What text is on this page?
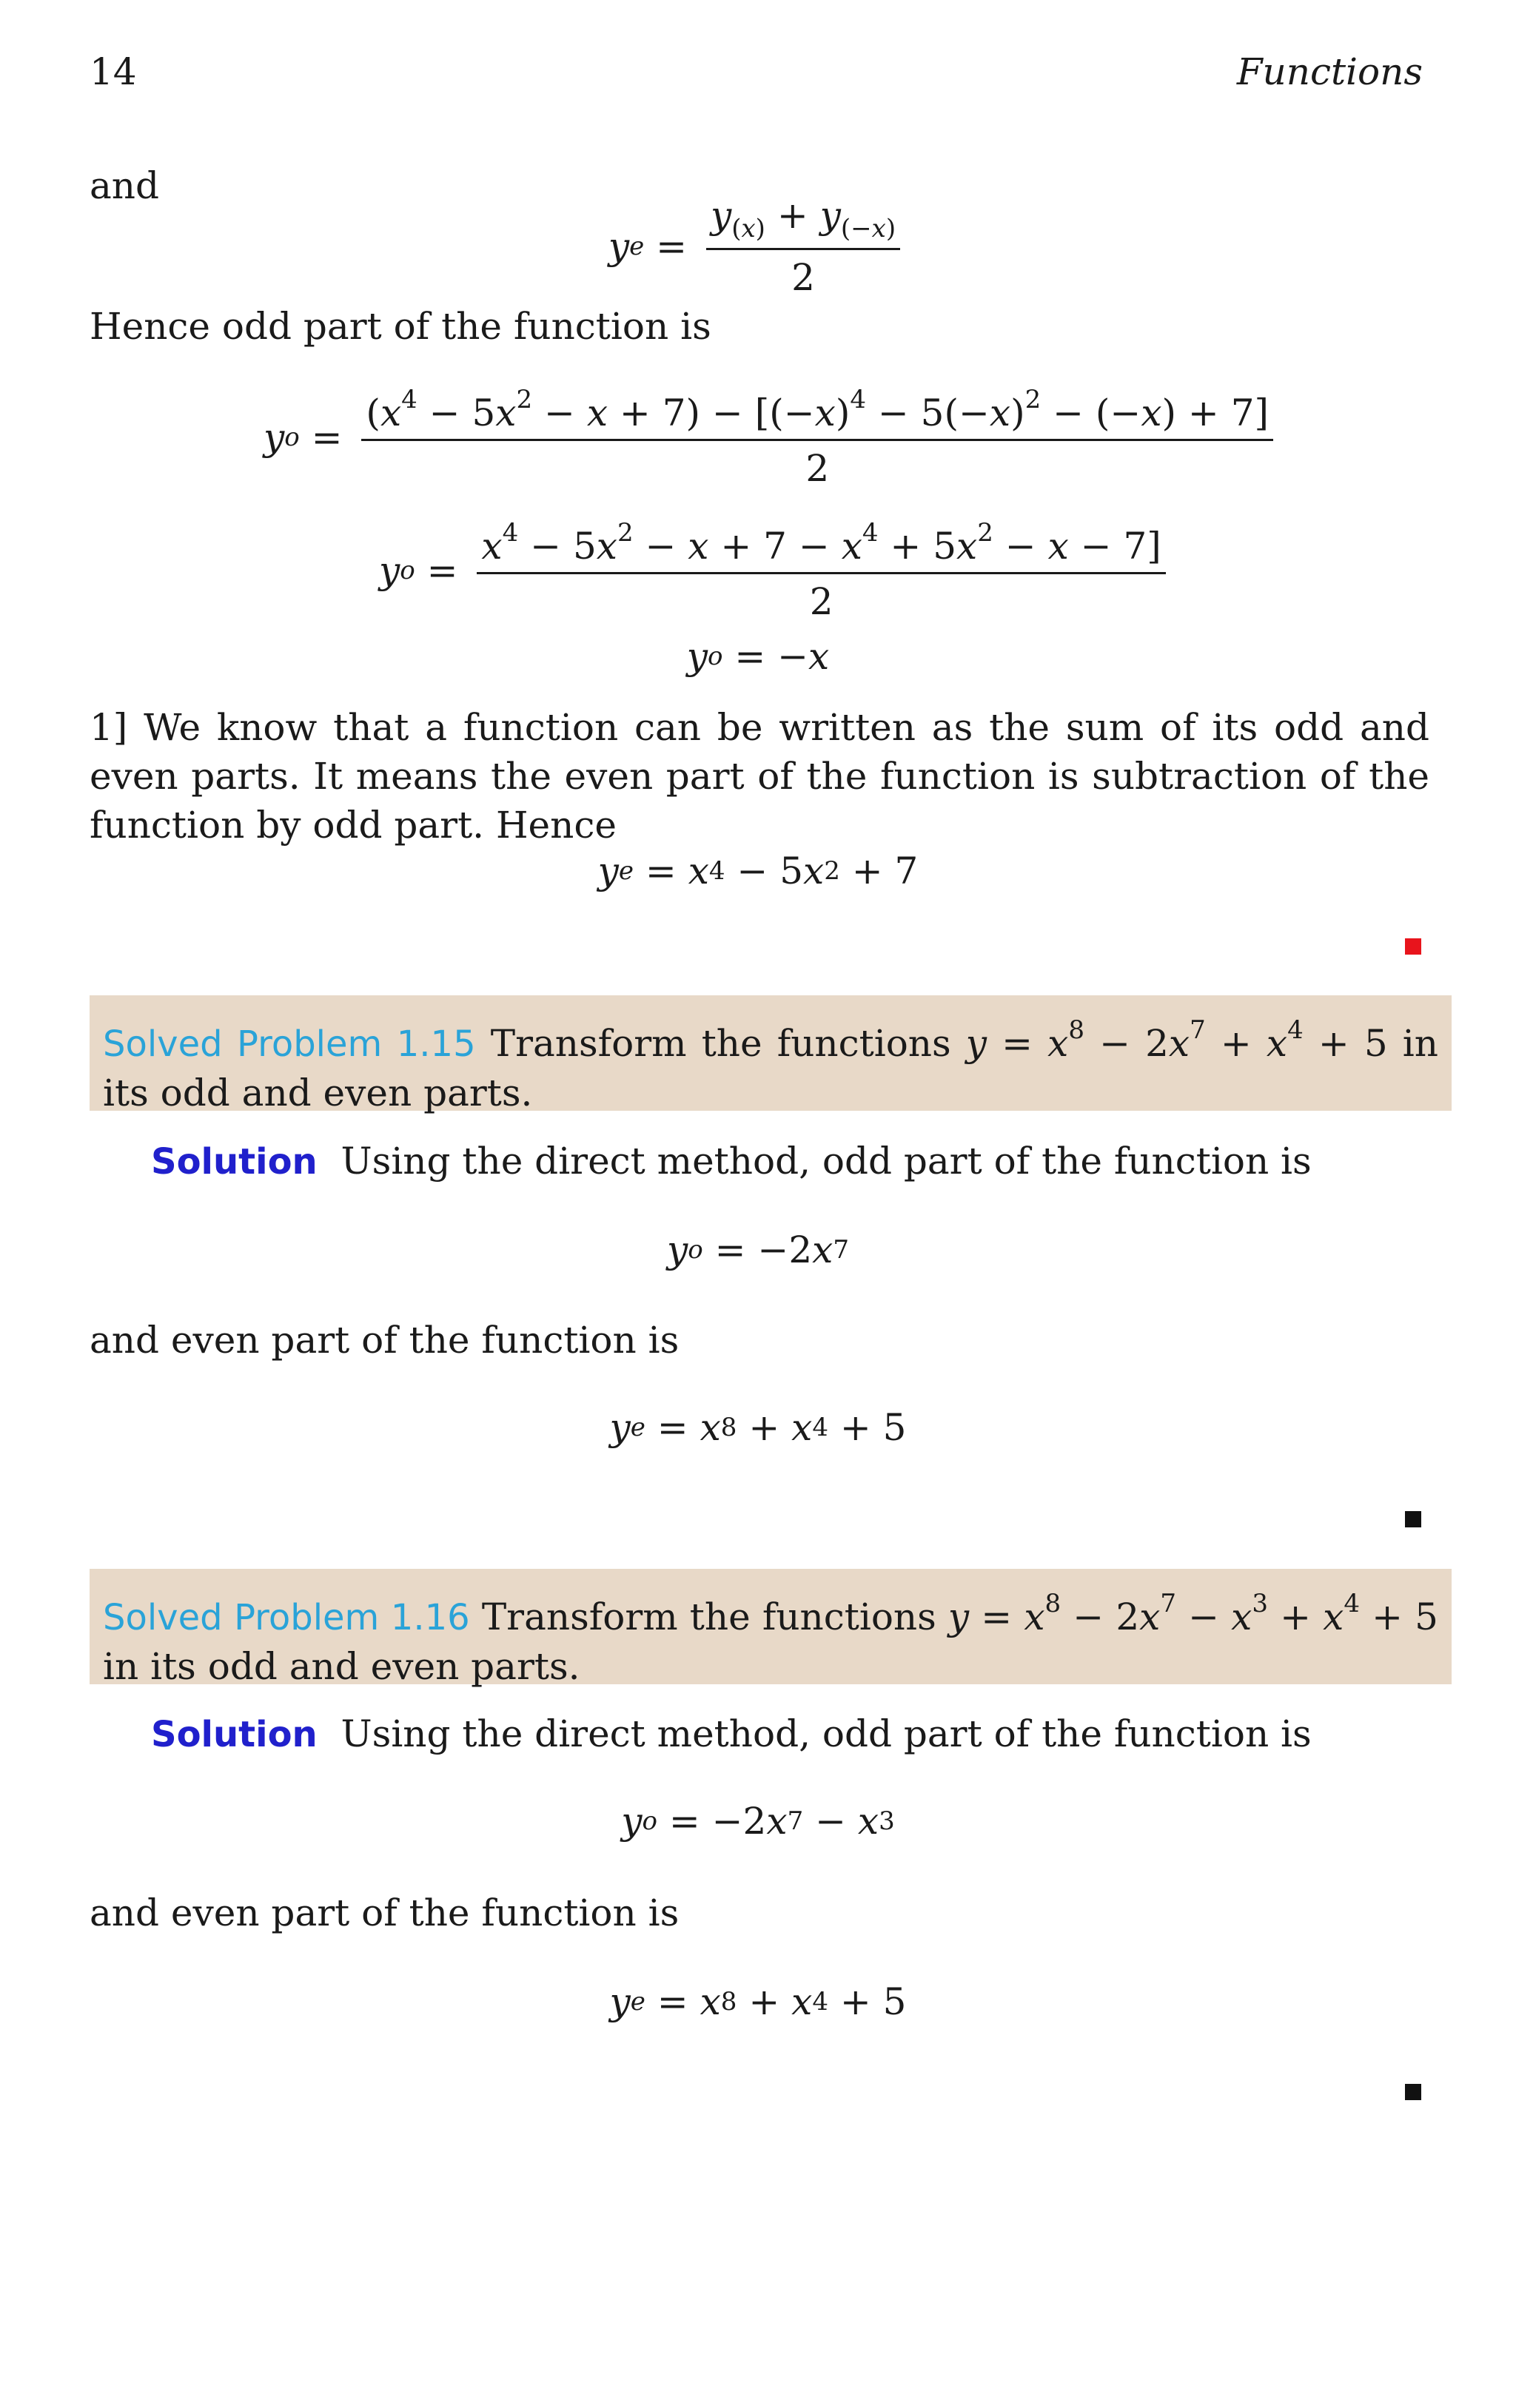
14	Functions
and
y $e = \frac{y_{(x)} + y_{(-x)}}{2}$
Hence odd part of the function is
y $o = \frac{(x^4 - 5x^2 - x + 7) - [(-x)^4 - 5(-x)^2 - (-x) + 7]}{2}$
y $o = \frac{x^4 - 5x^2 - x + 7 - x^4 + 5x^2 - x - 7]}{2}$
y o = − x
1] We know that a function can be written as the sum of its odd and even parts. It means the even part of the function is subtraction of the function by odd part. Hence
y e = x 4 − 5 x 2 + 7
Solved Problem 1.15 Transform the functions $y = x^8 - 2x^7 + x^4 + 5$ in its odd and even parts.
Solution Using the direct method, odd part of the function is
y o = −2 x 7
and even part of the function is
y e = x 8 + x 4 + 5
Solved Problem 1.16 Transform the functions $y = x^8 - 2x^7 - x^3 + x^4 + 5$ in its odd and even parts.
Solution Using the direct method, odd part of the function is
y o = −2 x 7 − x 3
and even part of the function is
y e = x 8 + x 4 + 5
